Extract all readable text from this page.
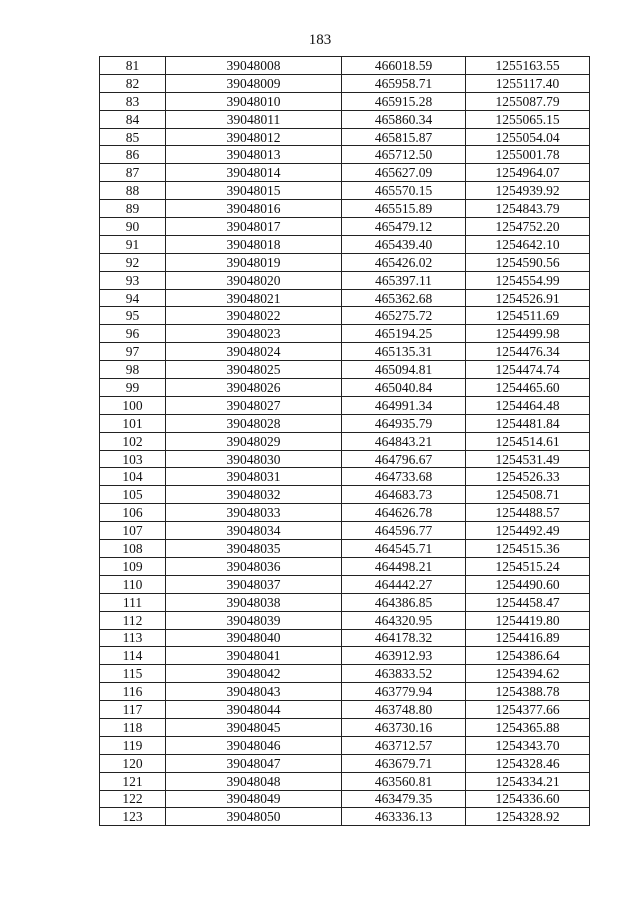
183
81	39048008	466018.59	1255163.55
82	39048009	465958.71	1255117.40
83	39048010	465915.28	1255087.79
84	39048011	465860.34	1255065.15
85	39048012	465815.87	1255054.04
86	39048013	465712.50	1255001.78
87	39048014	465627.09	1254964.07
88	39048015	465570.15	1254939.92
89	39048016	465515.89	1254843.79
90	39048017	465479.12	1254752.20
91	39048018	465439.40	1254642.10
92	39048019	465426.02	1254590.56
93	39048020	465397.11	1254554.99
94	39048021	465362.68	1254526.91
95	39048022	465275.72	1254511.69
96	39048023	465194.25	1254499.98
97	39048024	465135.31	1254476.34
98	39048025	465094.81	1254474.74
99	39048026	465040.84	1254465.60
100	39048027	464991.34	1254464.48
101	39048028	464935.79	1254481.84
102	39048029	464843.21	1254514.61
103	39048030	464796.67	1254531.49
104	39048031	464733.68	1254526.33
105	39048032	464683.73	1254508.71
106	39048033	464626.78	1254488.57
107	39048034	464596.77	1254492.49
108	39048035	464545.71	1254515.36
109	39048036	464498.21	1254515.24
110	39048037	464442.27	1254490.60
111	39048038	464386.85	1254458.47
112	39048039	464320.95	1254419.80
113	39048040	464178.32	1254416.89
114	39048041	463912.93	1254386.64
115	39048042	463833.52	1254394.62
116	39048043	463779.94	1254388.78
117	39048044	463748.80	1254377.66
118	39048045	463730.16	1254365.88
119	39048046	463712.57	1254343.70
120	39048047	463679.71	1254328.46
121	39048048	463560.81	1254334.21
122	39048049	463479.35	1254336.60
123	39048050	463336.13	1254328.92
